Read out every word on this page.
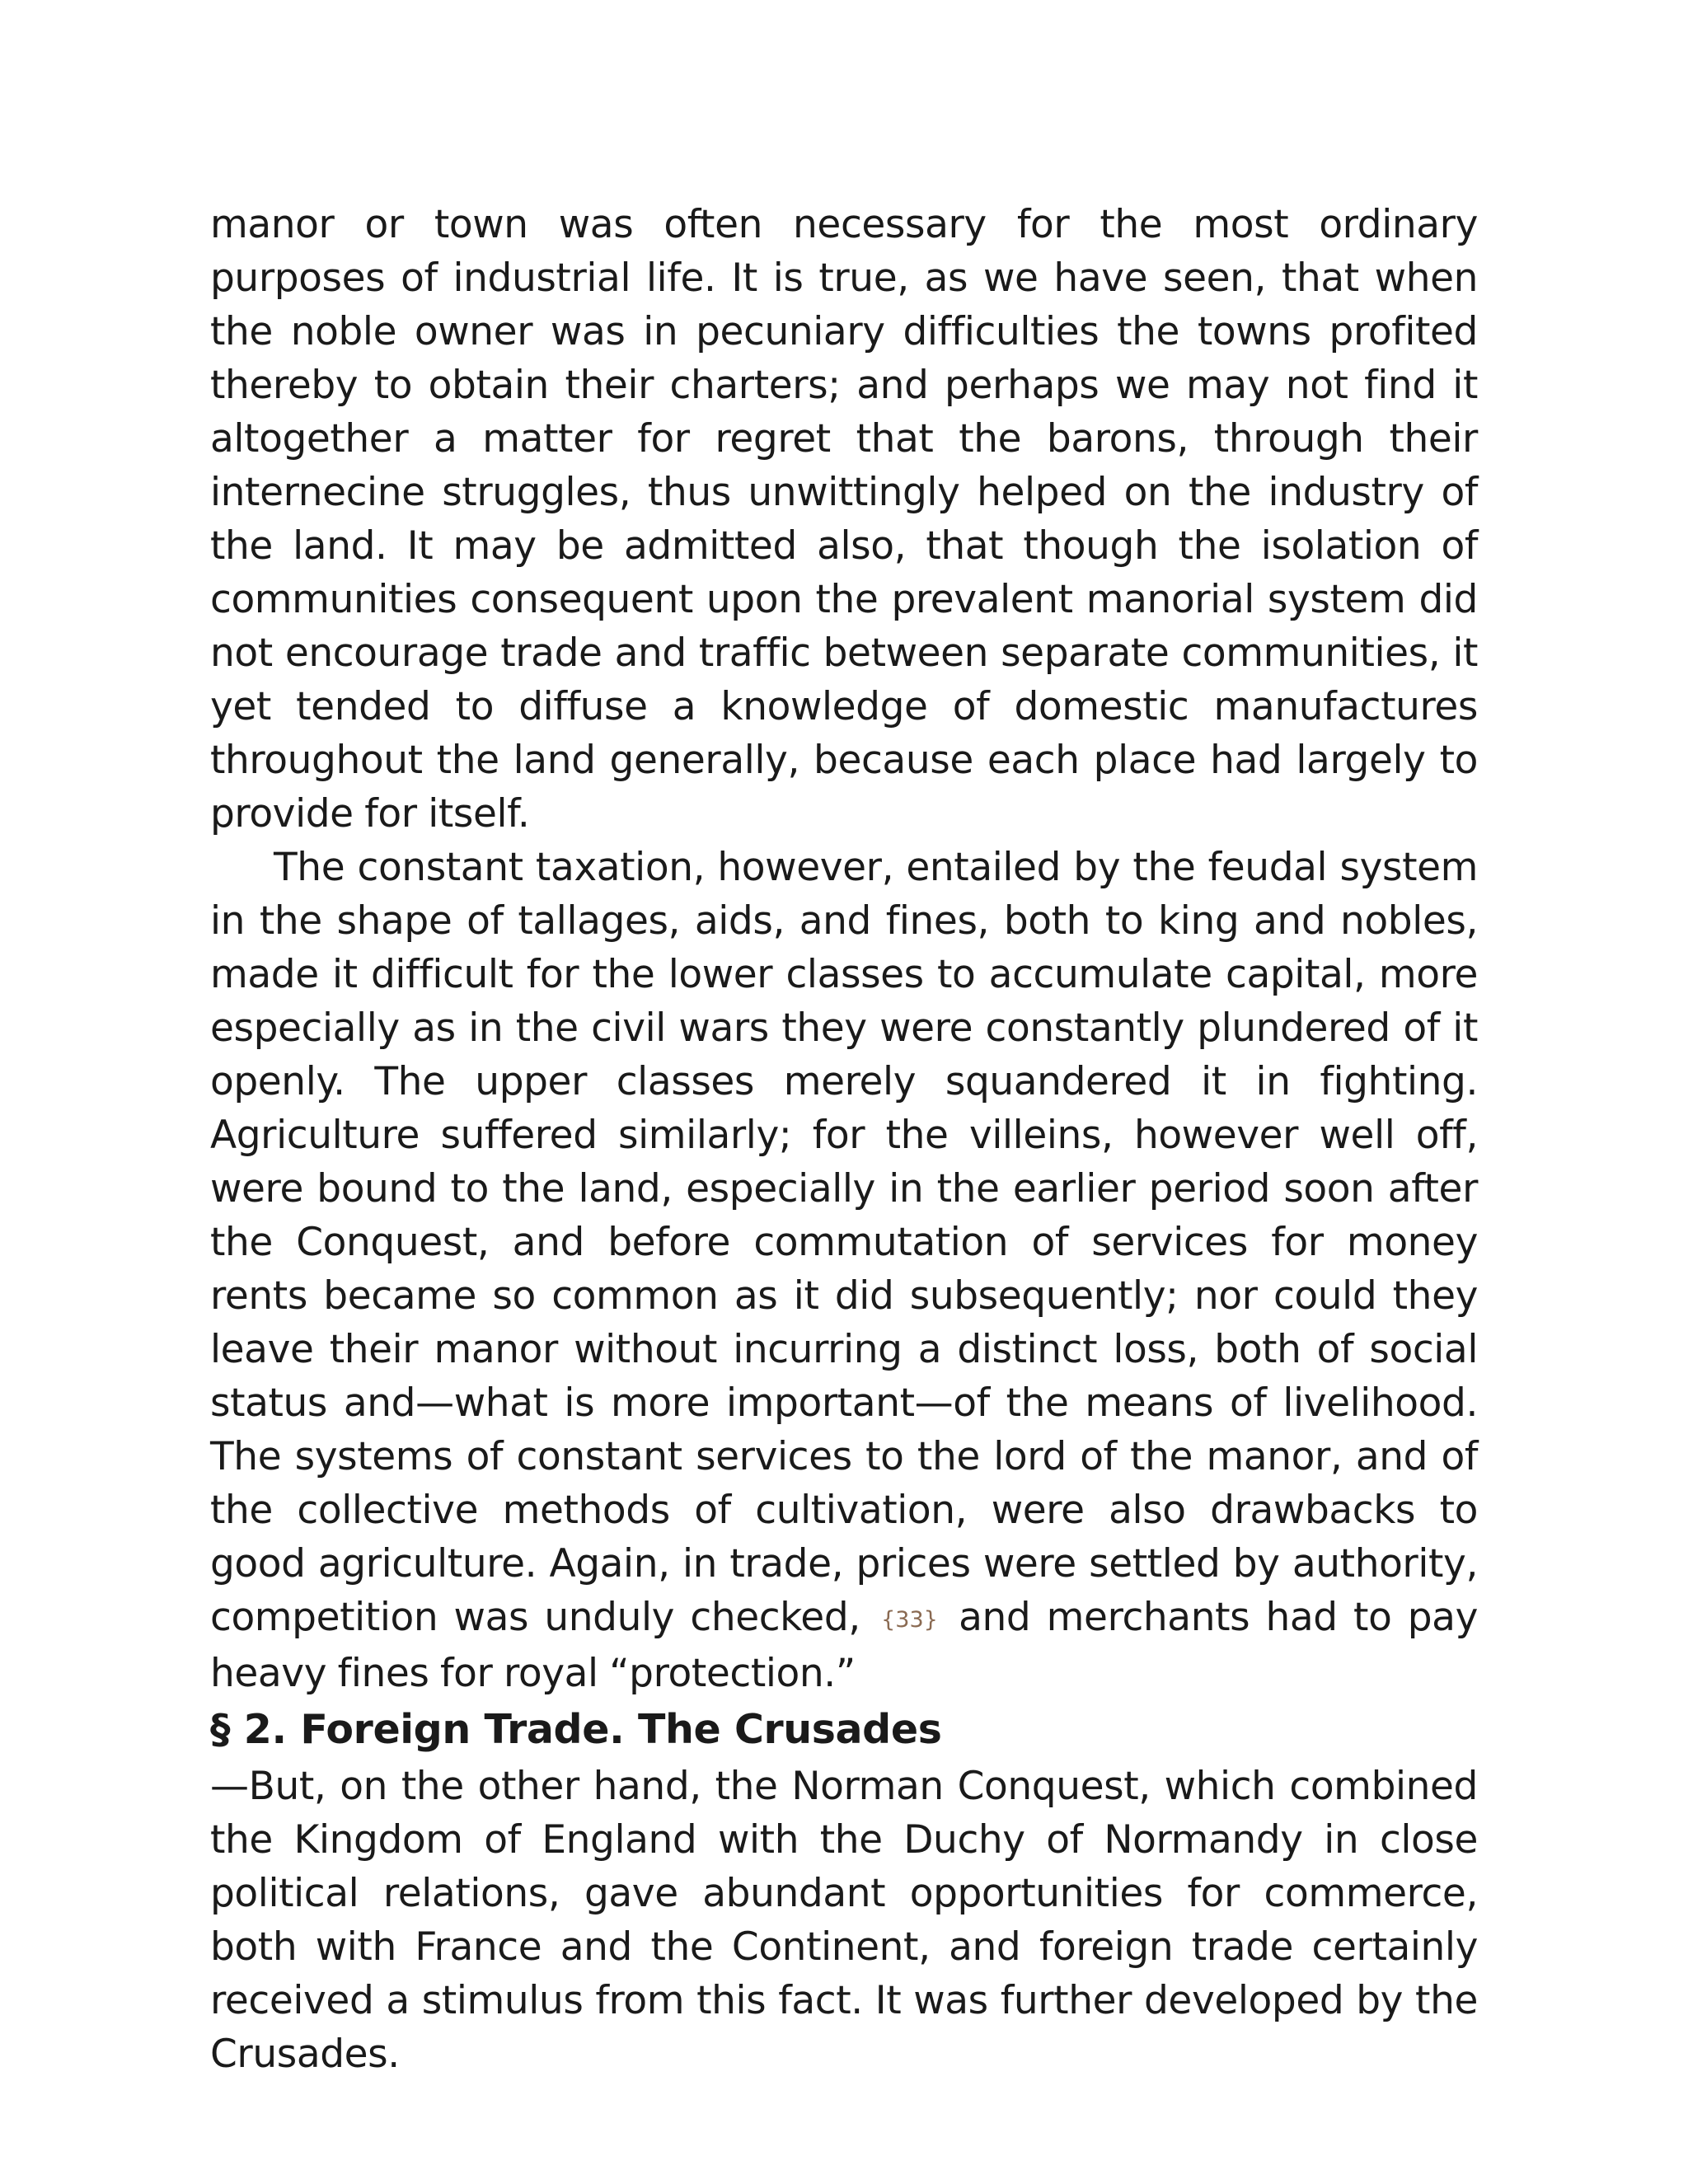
manor or town was often necessary for the most ordinary purposes of industrial life. It is true, as we have seen, that when the noble owner was in pecuniary difficulties the towns profited thereby to obtain their charters; and perhaps we may not find it altogether a matter for regret that the barons, through their internecine struggles, thus unwittingly helped on the industry of the land. It may be admitted also, that though the isolation of communities consequent upon the prevalent manorial system did not encourage trade and traffic between separate communities, it yet tended to diffuse a knowledge of domestic manufactures throughout the land generally, because each place had largely to provide for itself.

The constant taxation, however, entailed by the feudal system in the shape of tallages, aids, and fines, both to king and nobles, made it difficult for the lower classes to accumulate capital, more especially as in the civil wars they were constantly plundered of it openly. The upper classes merely squandered it in fighting. Agriculture suffered similarly; for the villeins, however well off, were bound to the land, especially in the earlier period soon after the Conquest, and before commutation of services for money rents became so common as it did subsequently; nor could they leave their manor without incurring a distinct loss, both of social status and—what is more important—of the means of livelihood. The systems of constant services to the lord of the manor, and of the collective methods of cultivation, were also drawbacks to good agriculture. Again, in trade, prices were settled by authority, competition was unduly checked, {33} and merchants had to pay heavy fines for royal “protection.”

§ 2. Foreign Trade. The Crusades

—But, on the other hand, the Norman Conquest, which combined the Kingdom of England with the Duchy of Normandy in close political relations, gave abundant opportunities for commerce, both with France and the Continent, and foreign trade certainly received a stimulus from this fact. It was further developed by the Crusades.
